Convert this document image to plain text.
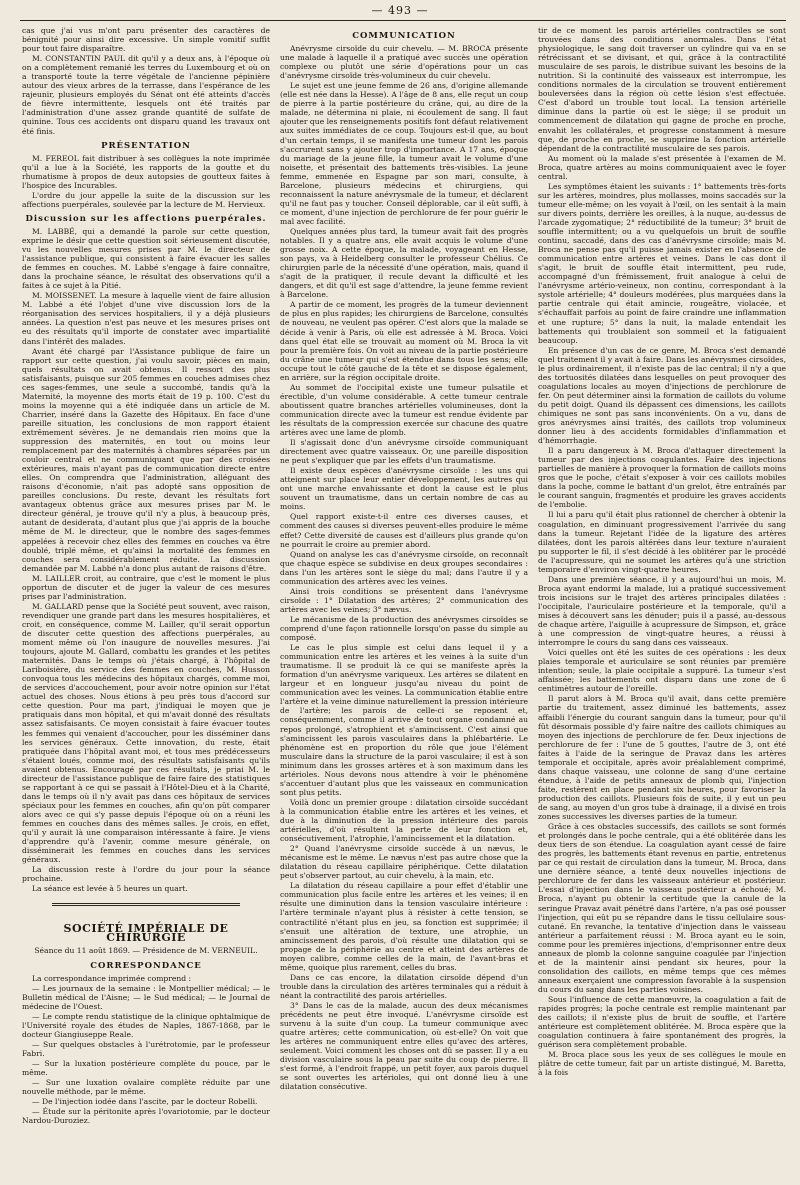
— 493 —

cas que j'ai vus m'ont paru présenter des caractères de bénignité pour ainsi dire excessive. Un simple vomitif suffit pour tout faire disparaître.

M. CONSTANTIN PAUL dit qu'il y a deux ans, à l'époque où on a complètement remanié les terres du Luxembourg et où on a transporté toute la terre végétale de l'ancienne pépinière autour des vieux arbres de la terrasse, dans l'espérance de les rajeunir, plusieurs employés du Sénat ont été atteints d'accès de fièvre intermittente, lesquels ont été traités par l'administration d'une assez grande quantité de sulfate de quinine. Tous ces accidents ont disparu quand les travaux ont été finis.

PRÉSENTATION

M. FEREOL fait distribuer à ses collègues la note imprimée qu'il a lue à la Société, les rapports de la goutte et du rhumatisme à propos de deux autopsies de goutteux faites à l'hospice des Incurables.

L'ordre du jour appelle la suite de la discussion sur les affections puerpérales, soulevée par la lecture de M. Hervieux.

Discussion sur les affections puerpérales.

M. LABBÉ, qui a demandé la parole sur cette question, exprime le désir que cette question soit sérieusement discutée, vu les nouvelles mesures prises par M. le directeur de l'assistance publique, qui consistent à faire évacuer les salles de femmes en couches. M. Labbé s'engage à faire connaître, dans la prochaine séance, le résultat des observations qu'il a faites à ce sujet à la Pitié.

M. MOISSENET. La mesure à laquelle vient de faire allusion M. Labbé a été l'objet d'une vive discussion lors de la réorganisation des services hospitaliers, il y a déjà plusieurs années. La question n'est pas neuve et les mesures prises ont eu des résultats qu'il importe de constater avec impartialité dans l'intérêt des malades.

Avant été chargé par l'Assistance publique de faire un rapport sur cette question, j'ai voulu savoir, pièces en main, quels résultats on avait obtenus. Il ressort des plus satisfaisants, puisque sur 205 femmes en couches admises chez ces sages-femmes, une seule a succombé, tandis qu'à la Maternité, la moyenne des morts était de 19 p. 100. C'est du moins la moyenne qui a été indiquée dans un article de M. Charrier, inséré dans la Gazette des Hôpitaux. En face d'une pareille situation, les conclusions de mon rapport étaient extrêmement sévères. Je ne demandais rien moins que la suppression des maternités, en tout ou moins leur remplacement par des maternités à chambres séparées par un couloir central et ne communiquant que par des croisées extérieures, mais n'ayant pas de communication directe entre elles. On comprendra que l'administration, alléguant des raisons d'économie, n'ait pas adopté sans opposition de pareilles conclusions. Du reste, devant les résultats fort avantageux obtenus grâce aux mesures prises par M. le directeur général, je trouve qu'il n'y a plus, à beaucoup près, autant de desiderata, d'autant plus que j'ai appris de la bouche même de M. le directeur, que le nombre des sages-femmes appelées à recevoir chez elles des femmes en couches va être doublé, triplé même, et qu'ainsi la mortalité des femmes en couches sera considérablement réduite. La discussion demandée par M. Labbé n'a donc plus autant de raisons d'être.

M. LAILLER croit, au contraire, que c'est le moment le plus opportun de discuter et de juger la valeur de ces mesures prises par l'administration.

M. GALLARD pense que la Société peut souvent, avec raison, revendiquer une grande part dans les mesures hospitalières, et croit, en conséquence, comme M. Lailler, qu'il serait opportun de discuter cette question des affections puerpérales, au moment même où l'on inaugure de nouvelles mesures. J'ai toujours, ajoute M. Gallard, combattu les grandes et les petites maternités. Dans le temps où j'étais chargé, à l'hôpital de Lariboisière, du service des femmes en couches, M. Husson convoqua tous les médecins des hôpitaux chargés, comme moi, de services d'accouchement, pour avoir notre opinion sur l'état actuel des choses. Nous étions à peu près tous d'accord sur cette question. Pour ma part, j'indiquai le moyen que je pratiquais dans mon hôpital, et qui m'avait donné des résultats assez satisfaisants. Ce moyen consistait à faire évacuer toutes les femmes qui venaient d'accoucher, pour les disséminer dans les services généraux. Cette innovation, du reste, était pratiquée dans l'hôpital avant moi, et tous mes prédécesseurs s'étaient loués, comme moi, des résultats satisfaisants qu'ils avaient obtenus. Encouragé par ces résultats, je priai M. le directeur de l'assistance publique de faire faire des statistiques se rapportant à ce qui se passait à l'Hôtel-Dieu et à la Charité, dans le temps où il n'y avait pas dans ces hôpitaux de services spéciaux pour les femmes en couches, afin qu'on pût comparer alors avec ce qui s'y passe depuis l'époque où on a réuni les femmes en couches dans des mêmes salles. Je crois, en effet, qu'il y aurait là une comparaison intéressante à faire. Je viens d'apprendre qu'à l'avenir, comme mesure générale, on disséminerait les femmes en couches dans les services généraux.

La discussion reste à l'ordre du jour pour la séance prochaine.

La séance est levée à 5 heures un quart.

SOCIÉTÉ IMPÉRIALE DE CHIRURGIE

Séance du 11 août 1869. — Présidence de M. VERNEUIL.

CORRESPONDANCE

La correspondance imprimée comprend :

— Les journaux de la semaine : le Montpellier médical; — le Bulletin médical de l'Aisne; — le Sud médical; — le Journal de médecine de l'Ouest.

— Le compte rendu statistique de la clinique ophtalmique de l'Université royale des études de Naples, 1867-1868, par le docteur Giangiuseppe Reale.

— Sur quelques obstacles à l'urétrotomie, par le professeur Fabri.

— Sur la luxation postérieure complète du pouce, par le même.

— Sur une luxation ovalaire complète réduite par une nouvelle méthode, par le même.

— De l'injection iodée dans l'ascite, par le docteur Robelli.

— Étude sur la péritonite après l'ovariotomie, par le docteur Nardou-Duroziez.

COMMUNICATION

Anévrysme cirsoïde du cuir chevelu. — M. BROCA présente une malade à laquelle il a pratiqué avec succès une opération complexe ou plutôt une série d'opérations pour un cas d'anévrysme cirsoïde très-volumineux du cuir chevelu.

Le sujet est une jeune femme de 26 ans, d'origine allemande (elle est née dans la Hesse). A l'âge de 8 ans, elle reçut un coup de pierre à la partie postérieure du crâne, qui, au dire de la malade, ne détermina ni plaie, ni écoulement de sang. Il faut ajouter que les renseignements positifs font défaut relativement aux suites immédiates de ce coup. Toujours est-il que, au bout d'un certain temps, il se manifesta une tumeur dont les parois s'accrurent sans y ajouter trop d'importance. A 17 ans, époque du mariage de la jeune fille, la tumeur avait le volume d'une noisette, et présentait des battements très-visibles. La jeune femme, emmenée en Espagne par son mari, consulte, à Barcelone, plusieurs médecins et chirurgiens, qui reconnaissent la nature anévrysmale de la tumeur, et déclarent qu'il ne faut pas y toucher. Conseil déplorable, car il eût suffi, à ce moment, d'une injection de perchlorure de fer pour guérir le mal avec facilité.

Quelques années plus tard, la tumeur avait fait des progrès notables. Il y a quatre ans, elle avait acquis le volume d'une grosse noix. A cette époque, la malade, voyageant en Hesse, son pays, va à Heidelberg consulter le professeur Chélius. Ce chirurgien parle de la nécessité d'une opération, mais, quand il s'agit de la pratiquer, il recule devant la difficulté et les dangers, et dit qu'il est sage d'attendre, la jeune femme revient à Barcelone.

A partir de ce moment, les progrès de la tumeur deviennent de plus en plus rapides; les chirurgiens de Barcelone, consultés de nouveau, ne veulent pas opérer. C'est alors que la malade se décide à venir à Paris, où elle est adressée à M. Broca. Voici dans quel état elle se trouvait au moment où M. Broca la vit pour la première fois. On voit au niveau de la partie postérieure du crâne une tumeur qui s'est étendue dans tous les sens; elle occupe tout le côté gauche de la tête et se dispose également, en arrière, sur la région occipitale droite.

Au sommet de l'occipital existe une tumeur pulsatile et érectible, d'un volume considérable. A cette tumeur centrale aboutissent quatre branches artérielles volumineuses, dont la communication directe avec la tumeur est rendue évidente par les résultats de la compression exercée sur chacune des quatre artères avec une lame de plomb.

Il s'agissait donc d'un anévrysme cirsoïde communiquant directement avec quatre vaisseaux. Or, une pareille disposition ne peut s'expliquer que par les effets d'un traumatisme.

Il existe deux espèces d'anévrysme cirsoïde : les uns qui atteignent sur place leur entier développement, les autres qui ont une marche envahissante et dont la cause est le plus souvent un traumatisme, dans un certain nombre de cas au moins.

Quel rapport existe-t-il entre ces diverses causes, et comment des causes si diverses peuvent-elles produire le même effet? Cette diversité de causes est d'ailleurs plus grande qu'on ne pourrait le croire au premier abord.

Quand on analyse les cas d'anévrysme cirsoïde, on reconnaît que chaque espèce se subdivise en deux groupes secondaires : dans l'un les artères sont le siège du mal; dans l'autre il y a communication des artères avec les veines.

Ainsi trois conditions se présentent dans l'anévrysme cirsoïde : 1° Dilatation des artères; 2° communication des artères avec les veines; 3° nævus.

Le mécanisme de la production des anévrysmes cirsoïdes se comprend d'une façon rationnelle lorsqu'on passe du simple au composé.

Le cas le plus simple est celui dans lequel il y a communication entre les artères et les veines à la suite d'un traumatisme. Il se produit là ce qui se manifeste après la formation d'un anévrysme variqueux. Les artères se dilatent en largeur et en longueur jusqu'au niveau du point de communication avec les veines. La communication établie entre l'artère et la veine diminue naturellement la pression intérieure de l'artère; les parois de celle-ci se reposent et, conséquemment, comme il arrive de tout organe condamné au repos prolongé, s'atrophient et s'amincissent. C'est ainsi que s'amincissent les parois vasculaires dans la phlébartérie. Le phénomène est en proportion du rôle que joue l'élément musculaire dans la structure de la paroi vasculaire; il est à son minimum dans les grosses artères et à son maximum dans les artérioles. Nous devons nous attendre à voir le phénomène s'accentuer d'autant plus que les vaisseaux en communication sont plus petits.

Voilà donc un premier groupe : dilatation cirsoïde succédant à la communication établie entre les artères et les veines, et due à la diminution de la pression intérieure des parois artérielles, d'où résultent la perte de leur fonction et, consécutivement, l'atrophie, l'amincissement et la dilatation.

2° Quand l'anévrysme cirsoïde succède à un nævus, le mécanisme est le même. Le nævus n'est pas autre chose que la dilatation du réseau capillaire périphérique. Cette dilatation peut s'observer partout, au cuir chevelu, à la main, etc.

La dilatation du réseau capillaire a pour effet d'établir une communication plus facile entre les artères et les veines; il en résulte une diminution dans la tension vasculaire intérieure : l'artère terminale n'ayant plus à résister à cette tension, se contractilité n'étant plus en jeu, sa fonction est supprimée; il s'ensuit une altération de texture, une atrophie, un amincissement des parois, d'où résulte une dilatation qui se propage de la périphérie au centre et atteint des artères de moyen calibre, comme celles de la main, de l'avant-bras et même, quoique plus rarement, celles du bras.

Dans ce cas encore, la dilatation cirsoïde dépend d'un trouble dans la circulation des artères terminales qui a réduit à néant la contractilité des parois artérielles.

3° Dans le cas de la malade, aucun des deux mécanismes précédents ne peut être invoqué. L'anévrysme cirsoïde est survenu à la suite d'un coup. La tumeur communique avec quatre artères; cette communication, où est-elle? On voit que les artères ne communiquent entre elles qu'avec des artères, seulement. Voici comment les choses ont dû se passer. Il y a eu division vasculaire sous la peau par suite du coup de pierre. Il s'est formé, à l'endroit frappé, un petit foyer, aux parois duquel se sont ouvertes les artérioles, qui ont donné lieu à une dilatation consécutive.

tir de ce moment les parois artérielles contractiles se sont trouvées dans des conditions anormales. Dans l'état physiologique, le sang doit traverser un cylindre qui va en se rétrécissant et se divisant, et qui, grâce à la contractilité musculaire de ses parois, le distribue suivant les besoins de la nutrition. Si la continuité des vaisseaux est interrompue, les conditions normales de la circulation se trouvent entièrement bouleversées dans la région où cette lésion s'est effectuée. C'est d'abord un trouble tout local. La tension artérielle diminue dans la partie où est le siège; il se produit un commencement de dilatation qui gagne de proche en proche, envahit les collatérales, et progresse constamment à mesure que, de proche en proche, se supprime la fonction artérielle dépendant de la contractilité musculaire de ses parois.

Au moment où la malade s'est présentée à l'examen de M. Broca, quatre artères au moins communiquaient avec le foyer central.

Les symptômes étaient les suivants : 1° battements très-forts sur les artères, moindres, plus mollasses, moins saccadés sur la tumeur elle-même; on les voyait à l'œil, on les sentait à la main sur divers points, derrière les oreilles, à la nuque, au-dessus de l'arcade zygomatique; 2° réductibilité de la tumeur; 3° bruit de souffle intermittent; ou a vu quelquefois un bruit de souffle continu, saccadé, dans des cas d'anévrysme cirsoïde; mais M. Broca ne pense pas qu'il puisse jamais exister en l'absence de communication entre artères et veines. Dans le cas dont il s'agit, le bruit de souffle était intermittent, peu rude, accompagné d'un frémissement, fruit analogue à celui de l'anévrysme artério-veineux, non continu, correspondant à la systole artérielle; 4° douleurs modérées, plus marquées dans la partie centrale qui était amincie, rougeâtre, violacée, et s'échauffait parfois au point de faire craindre une inflammation et une rupture; 5° dans la nuit, la malade entendait les battements qui troublaient son sommeil et la fatiguaient beaucoup.

En présence d'un cas de ce genre, M. Broca s'est demandé quel traitement il y avait à faire. Dans les anévrysmes cirsoïdes, le plus ordinairement, il n'existe pas de lac central; il n'y a que des tortuosités dilatées dans lesquelles on peut provoquer des coagulations locales au moyen d'injections de perchlorure de fer. On peut déterminer ainsi la formation de caillots du volume du petit doigt. Quand ils dépassent ces dimensions, les caillots chimiques ne sont pas sans inconvénients. On a vu, dans de gros anévrysmes ainsi traités, des caillots trop volumineux donner lieu à des accidents formidables d'inflammation et d'hémorrhagie.

Il a paru dangereux à M. Broca d'attaquer directement la tumeur par des injections coagulantes. Faire des injections partielles de manière à provoquer la formation de caillots moins gros que le poche, c'était s'exposer à voir ces caillots mobiles dans la poche, comme le battant d'un grelot, être entraînés par le courant sanguin, fragmentés et produire les graves accidents de l'embolie.

Il lui a paru qu'il était plus rationnel de chercher à obtenir la coagulation, en diminuant progressivement l'arrivée du sang dans la tumeur. Rejetant l'idée de la ligature des artères dilatées, dont les parois altérées dans leur texture n'auraient pu supporter le fil, il s'est décidé à les oblitérer par le procédé de l'acupressure, qui ne soumet les artères qu'à une striction temporaire d'environ vingt-quatre heures.

Dans une première séance, il y a aujourd'hui un mois, M. Broca ayant endormi la malade, lui a pratiqué successivement trois incisions sur le trajet des artères principales dilatées : l'occipitale, l'auriculaire postérieure et la temporale, qu'il a mises à découvert sans les dénuder; puis il a passé, au-dessous de chaque artère, l'aiguille à acupressure de Simpson, et, grâce à une compression de vingt-quatre heures, a réussi à interrompre le cours du sang dans ces vaisseaux.

Voici quelles ont été les suites de ces opérations : les deux plaies temporale et auriculaire se sont réunies par première intention; seule, la plaie occipitale a suppuré. La tumeur s'est affaissée; les battements ont disparu dans une zone de 6 centimètres autour de l'oreille.

Il parut alors à M. Broca qu'il avait, dans cette première partie du traitement, assez diminué les battements, assez affaibli l'énergie du courant sanguin dans la tumeur, pour qu'il fût désormais possible d'y faire naître des caillots chimiques au moyen des injections de perchlorure de fer. Deux injections de perchlorure de fer : l'une de 5 gouttes, l'autre de 3, ont été faites à l'aide de la seringue de Pravaz dans les artères temporale et occipitale, après avoir préalablement comprimé, dans chaque vaisseau, une colonne de sang d'une certaine étendue, à l'aide de petits anneaux de plomb qui, l'injection faite, restèrent en place pendant six heures, pour favoriser la production des caillots. Plusieurs fois de suite, il y eut un peu de sang, au moyen d'un gros tube à drainage, il a divisé en trois zones successives les diverses parties de la tumeur.

Grâce à ces obstacles successifs, des caillots se sont formés et prolongés dans le poche centrale, qui a été oblitérée dans les deux tiers de son étendue. La coagulation ayant cessé de faire des progrès, les battements étant revenus en partie, entretenus par ce qui restait de circulation dans la tumeur, M. Broca, dans une dernière séance, a tenté deux nouvelles injections de perchlorure de fer dans les vaisseaux antérieur et postérieur. L'essai d'injection dans le vaisseau postérieur a échoué; M. Broca, n'ayant pu obtenir la certitude que la canule de la seringue Pravaz avait pénétré dans l'artère, n'a pas osé pousser l'injection, qui eût pu se répandre dans le tissu cellulaire sous-cutané. En revanche, la tentative d'injection dans le vaisseau antérieur a parfaitement réussi : M. Broca ayant eu le soin, comme pour les premières injections, d'emprisonner entre deux anneaux de plomb la colonne sanguine coagulée par l'injection et de la maintenir ainsi pendant six heures, pour la consolidation des caillots, en même temps que ces mêmes anneaux exerçaient une compression favorable à la suspension du cours du sang dans les parties voisines.

Sous l'influence de cette manœuvre, la coagulation a fait de rapides progrès; la poche centrale est remplie maintenant par des caillots; il n'existe plus de bruit de souffle, et l'artère antérieure est complètement oblitérée. M. Broca espère que la coagulation continuera à faire spontanément des progrès, la guérison sera complètement probable.

M. Broca place sous les yeux de ses collègues le moule en plâtre de cette tumeur, fait par un artiste distingué, M. Baretta, à la fois
